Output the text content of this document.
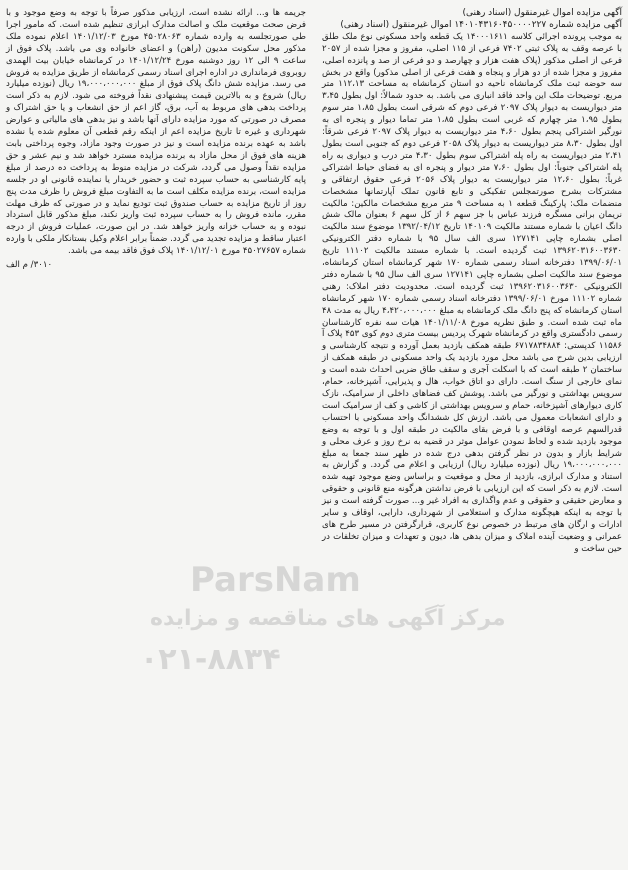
آگهی مزایده اموال غیرمنقول (اسناد رهنی)

آگهی مزایده شماره ۱۴۰۱۰۴۳۱۶۰۴۵۰۰۰۰۲۲۷ اموال غیرمنقول (اسناد رهنی)

به موجب پرونده اجرائی کلاسه ۱۴۰۰۰۱۶۱۱ یک قطعه واحد مسکونی نوع ملک طلق با عرصه وقف به پلاک ثبتی ۷۴۰۲ فرعی از ۱۱۵ اصلی، مفروز و مجزا شده از ۲۰۵۷ فرعی از اصلی مذکور (پلاک هفت هزار و چهارصد و دو فرعی از صد و پانزده اصلی، مفروز و مجزا شده از دو هزار و پنجاه و هفت فرعی از اصلی مذکور) واقع در بخش سه حوضه ثبت ملک کرمانشاه ناحیه دو استان کرمانشاه به مساحت ۱۱۲،۱۳ متر مربع. توضیحات ملک این واحد فاقد انباری می باشد. به حدود شمالاً: اول بطول ۳،۴۵ متر دیواریست به دیوار پلاک ۲۰۹۷ فرعی دوم که شرقی است بطول ۱،۸۵ متر سوم بطول ۱،۹۵ متر چهارم که غربی است بطول ۱،۸۵ متر تماما دیوار و پنجره ای به نورگیر اشتراکی پنجم بطول ۴،۶۰ متر دیواریست به دیوار پلاک ۲۰۹۷ فرعی شرقاً: اول بطول ۸،۳۰ متر دیواریست به دیوار پلاک ۲۰۵۸ فرعی دوم که جنوبی است بطول ۲،۴۱ متر دیواریست به راه پله اشتراکی سوم بطول ۴،۳۰ متر درب و دیواری به راه پله اشتراکی جنوباً: اول بطول ۷،۶۰ متر دیوار و پنجره ای به فضای حیاط اشتراکی غرباً: بطول ۱۲،۶۰ متر دیواریست به دیوار پلاک ۲۰۵۶ فرعی حقوق ارتفاقی و مشترکات بشرح صورتمجلس تفکیکی و تابع قانون تملک آپارتمانها مشخصات منضمات ملک: پارکینگ قطعه ۱ به مساحت ۹ متر مربع مشخصات مالکین: مالکیت نریمان برانی مسگره فرزند عباس با جز سهم ۶ از کل سهم ۶ بعنوان مالک شش دانگ اعیان با شماره مستند مالکیت ۱۴۰۱۰۹ تاریخ ۱۳۹۲/۰۴/۱۲ موضوع سند مالکیت اصلی بشماره چاپی ۱۲۷۱۴۱ سری الف سال ۹۵ با شماره دفتر الکترونیکی ۱۳۹۶۲۰۳۱۶۰۰۳۶۳۰ ثبت گردیده است. با شماره مستند مالکیت ۱۱۱۰۲ تاریخ ۱۳۹۹/۰۶/۰۱ دفترخانه اسناد رسمی شماره ۱۷۰ شهر کرمانشاه استان کرمانشاه، موضوع سند مالکیت اصلی بشماره چاپی ۱۲۷۱۴۱ سری الف سال ۹۵ با شماره دفتر الکترونیکی ۱۳۹۶۲۰۳۱۶۰۰۳۶۳۰ ثبت گردیده است. محدودیت دفتر املاک: رهنی شماره ۱۱۱۰۲ مورخ ۱۳۹۹/۰۶/۰۱ دفترخانه اسناد رسمی شماره ۱۷۰ شهر کرمانشاه استان کرمانشاه که پنج دانگ ملک کرمانشاه به مبلغ ۴،۴۲۰،۰۰۰،۰۰۰ ریال به مدت ۴۸ ماه ثبت شده است. و طبق نظریه مورخ ۱۴۰۱/۱۱/۰۸ هیات سه نفره کارشناسان رسمی دادگستری واقع در کرمانشاه شهرک پردیس بیست متری دوم کوی ۴۵۳ پلاک آ ۱۱۵۸۶ کدپستی: ۶۷۱۷۸۳۴۸۸۴ طبقه همکف بازدید بعمل آورده و نتیجه کارشناسی و ارزیابی بدین شرح می باشد محل مورد بازدید یک واحد مسکونی در طبقه همکف از ساختمان ۲ طبقه است که با اسکلت آجری و سقف طاق ضربی احداث شده است و نمای خارجی از سنگ است. دارای دو اتاق خواب، هال و پذیرایی، آشپزخانه، حمام، سرویس بهداشتی و نورگیر می باشد. پوشش کف فضاهای داخلی از سرامیک، نازک کاری دیوارهای آشپزخانه، حمام و سرویس بهداشتی از کاشی و کف از سرامیک است و دارای انشعابات معمول می باشد. ارزش کل ششدانگ واحد مسکونی با احتساب قدرالسهم عرصه اوقافی و با فرض بقای مالکیت در طبقه اول و با توجه به وضع موجود بازدید شده و لحاظ نمودن عوامل موثر در قضیه به نرخ روز و عرف محلی و شرایط بازار و بدون در نظر گرفتن بدهی درج شده در ظهر سند جمعا به مبلغ ۱۹،۰۰۰،۰۰۰،۰۰۰ ریال (نوزده میلیارد ریال) ارزیابی و اعلام می گردد. و گزارش به استناد و مدارک ابرازی، بازدید از محل و موقعیت و براساس وضع موجود تهیه شده است. لازم به ذکر است که این ارزیابی با فرض نداشتن هرگونه منع قانونی و حقوقی و معارض حقیقی و حقوقی و عدم واگذاری به افراد غیر و... صورت گرفته است و نیز با توجه به اینکه هیچگونه مدارک و استعلامی از شهرداری، دارایی، اوقاف و سایر ادارات و ارگان های مرتبط در خصوص نوع کاربری، قرارگرفتن در مسیر طرح های عمرانی و وضعیت آینده املاک و میزان بدهی ها، دیون و تعهدات و میزان تخلفات در حین ساخت و

جریمه ها و... ارائه نشده است، ارزیابی مذکور صرفاً با توجه به وضع موجود و با فرض صحت موقعیت ملک و اصالت مدارک ابرازی تنظیم شده است. که مامور اجرا طی صورتجلسه به وارده شماره ۴۵۰۲۸۰۶۳ مورخ ۱۴۰۱/۱۲/۰۳ اعلام نموده ملک مذکور محل سکونت مدیون (راهن) و اعضای خانواده وی می باشد. پلاک فوق از ساعت ۹ الی ۱۲ روز دوشنبه مورخ ۱۴۰۱/۱۲/۲۴ در کرمانشاه خیابان بیت الهمدی روبروی فرمانداری در اداره اجرای اسناد رسمی کرمانشاه از طریق مزایده به فروش می رسد. مزایده شش دانگ پلاک فوق از مبلغ ۱۹،۰۰۰،۰۰۰،۰۰۰ ریال (نوزده میلیارد ریال) شروع و به بالاترین قیمت پیشنهادی نقداً فروخته می شود. لازم به ذکر است پرداخت بدهی های مربوط به آب، برق، گاز اعم از حق انشعاب و یا حق اشتراک و مصرف در صورتی که مورد مزایده دارای آنها باشد و نیز بدهی های مالیاتی و عوارض شهرداری و غیره تا تاریخ مزایده اعم از اینکه رقم قطعی آن معلوم شده یا نشده باشد به عهده برنده مزایده است و نیز در صورت وجود مازاد، وجوه پرداختی بابت هزینه های فوق از محل مازاد به برنده مزایده مسترد خواهد شد و نیم عشر و حق مزایده نقداً وصول می گردد، شرکت در مزایده منوط به پرداخت ده درصد از مبلغ پایه کارشناسی به حساب سپرده ثبت و حضور خریدار یا نماینده قانونی او در جلسه مزایده است، برنده مزایده مکلف است ما به التفاوت مبلغ فروش را ظرف مدت پنج روز از تاریخ مزایده به حساب صندوق ثبت تودیع نماید و در صورتی که ظرف مهلت مقرر، مانده فروش را به حساب سپرده ثبت واریز نکند، مبلغ مذکور قابل استرداد نبوده و به حساب خزانه واریز خواهد شد. در این صورت، عملیات فروش از درجه اعتبار ساقط و مزایده تجدید می گردد. ضمناً برابر اعلام وکیل بستانکار ملکی با وارده شماره ۴۵۰۲۷۶۵۷ مورخ ۱۴۰۱/۱۲/۰۱ پلاک فوق فاقد بیمه می باشد.

۳۰۱۰/ م الف

ParsNam
مرکز آگهی های مناقصه و مزایده
۰۲۱-۸۸۳۴
